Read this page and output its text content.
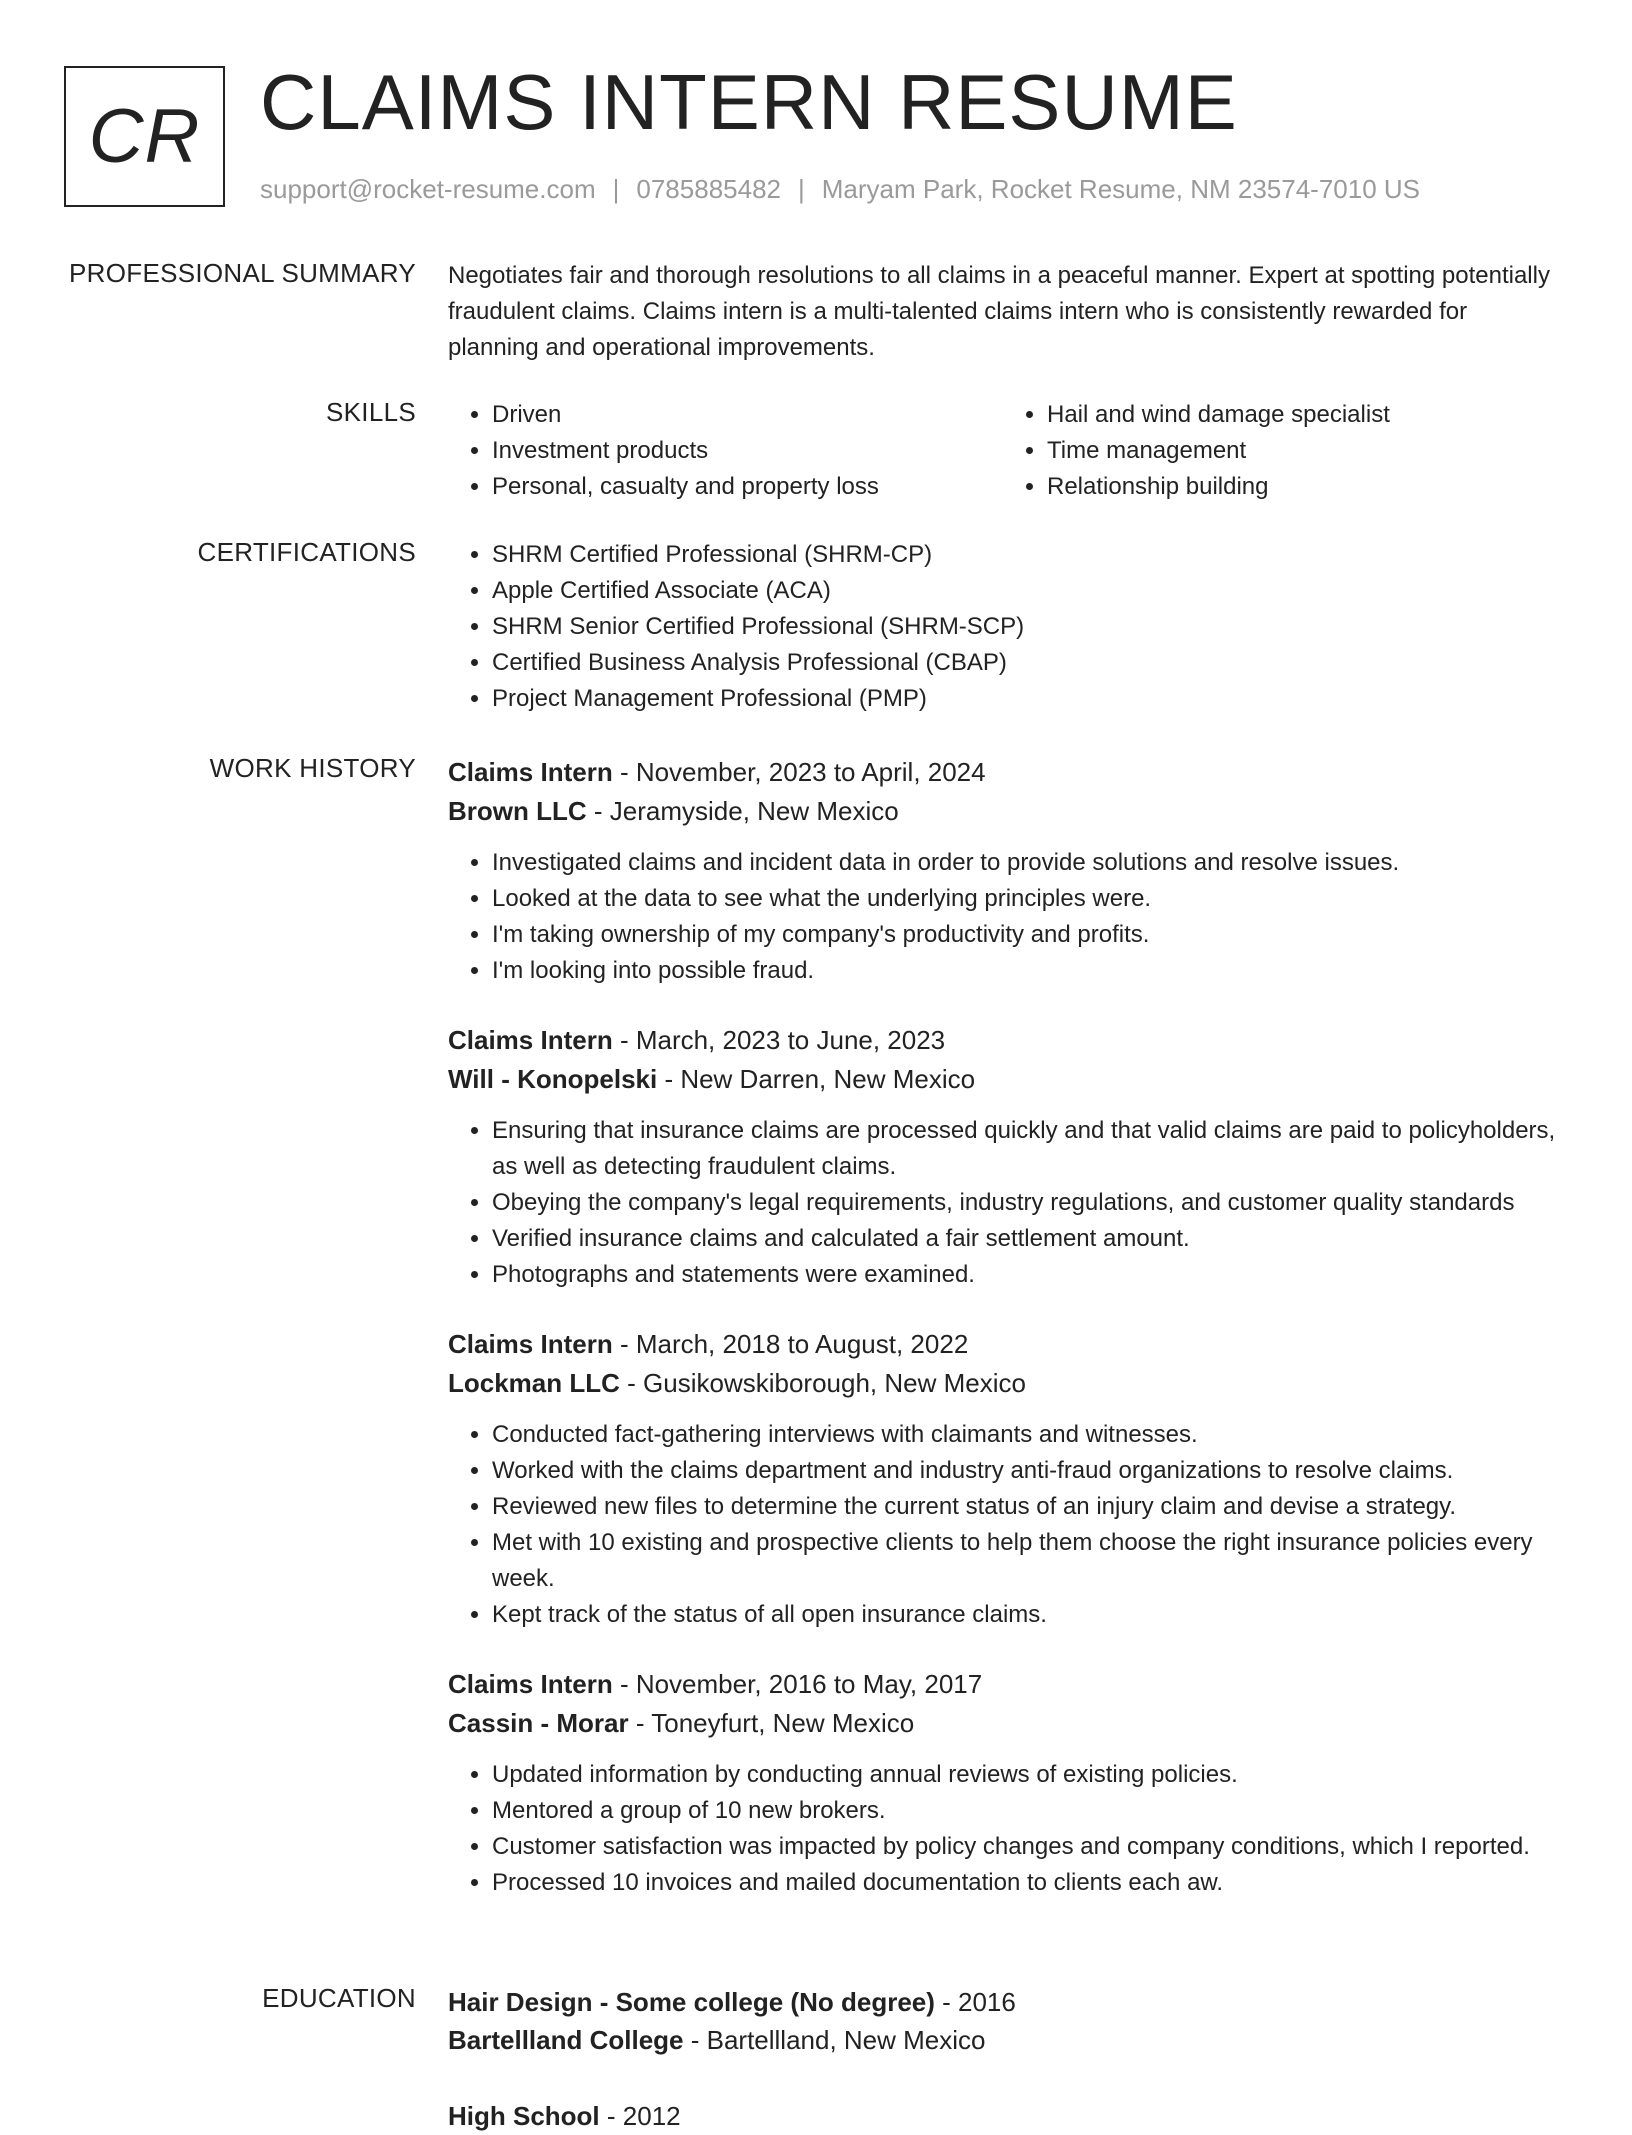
CR CLAIMS INTERN RESUME
support@rocket-resume.com | 0785885482 | Maryam Park, Rocket Resume, NM 23574-7010 US
PROFESSIONAL SUMMARY Negotiates fair and thorough resolutions to all claims in a peaceful manner. Expert at spotting potentially fraudulent claims. Claims intern is a multi-talented claims intern who is consistently rewarded for planning and operational improvements.

SKILLS	• Driven
• Investment products
• Personal, casualty and property loss
• Hail and wind damage specialist
• Time management
• Relationship building
CERTIFICATIONS	• SHRM Certified Professional (SHRM-CP)
• Apple Certified Associate (ACA)
• SHRM Senior Certified Professional (SHRM-SCP)
• Certified Business Analysis Professional (CBAP)
• Project Management Professional (PMP)
WORK HISTORY Claims Intern - November, 2023 to April, 2024
Brown LLC - Jeramyside, New Mexico
• Investigated claims and incident data in order to provide solutions and resolve issues.
• Looked at the data to see what the underlying principles were.
• I'm taking ownership of my company's productivity and profits.
• I'm looking into possible fraud.
Claims Intern - March, 2023 to June, 2023
Will - Konopelski - New Darren, New Mexico
• Ensuring that insurance claims are processed quickly and that valid claims are paid to policyholders, as well as detecting fraudulent claims.
• Obeying the company's legal requirements, industry regulations, and customer quality standards
• Verified insurance claims and calculated a fair settlement amount.
• Photographs and statements were examined.
Claims Intern - March, 2018 to August, 2022
Lockman LLC - Gusikowskiborough, New Mexico
• Conducted fact-gathering interviews with claimants and witnesses.
• Worked with the claims department and industry anti-fraud organizations to resolve claims.
• Reviewed new files to determine the current status of an injury claim and devise a strategy.
• Met with 10 existing and prospective clients to help them choose the right insurance policies every week.
• Kept track of the status of all open insurance claims.
Claims Intern - November, 2016 to May, 2017
Cassin - Morar - Toneyfurt, New Mexico
• Updated information by conducting annual reviews of existing policies.
• Mentored a group of 10 new brokers.
• Customer satisfaction was impacted by policy changes and company conditions, which I reported.
• Processed 10 invoices and mailed documentation to clients each aw.
EDUCATION Hair Design - Some college (No degree) - 2016
Bartellland College - Bartellland, New Mexico
High School - 2012
